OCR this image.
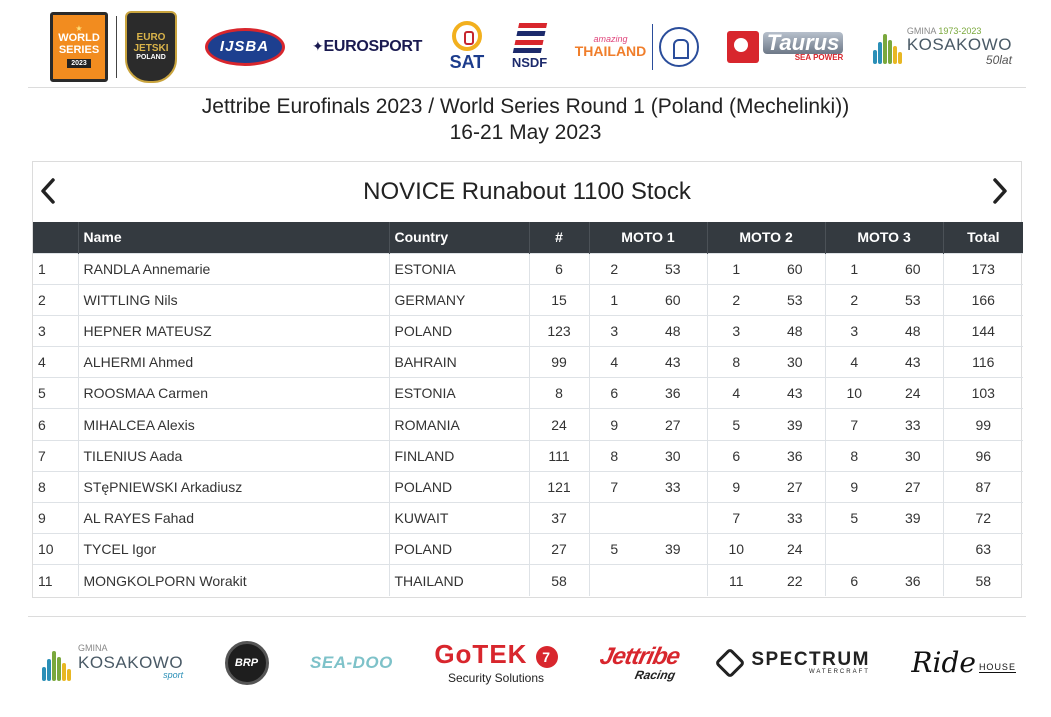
★
WORLD
SERIES
2023
EURO
JETSKI
POLAND
IJSBA	✦EUROSPORT
SAT NSDF
amazing
THAILAND	Taurus
SEA POWER
GMINA 1973-2023
KOSAKOWO
50lat
Jettribe Eurofinals 2023 / World Series Round 1 (Poland (Mechelinki))
16-21 May 2023
NOVICE Runabout 1100 Stock
	Name	Country	#	MOTO 1		MOTO 2		MOTO 3		Total
1	RANDLA Annemarie	ESTONIA	6	2	53	1	60	1	60	173
2	WITTLING Nils	GERMANY	15	1	60	2	53	2	53	166
3	HEPNER MATEUSZ	POLAND	123	3	48	3	48	3	48	144
4	ALHERMI Ahmed	BAHRAIN	99	4	43	8	30	4	43	116
5	ROOSMAA Carmen	ESTONIA	8	6	36	4	43	10	24	103
6	MIHALCEA Alexis	ROMANIA	24	9	27	5	39	7	33	99
7	TILENIUS Aada	FINLAND	111	8	30	6	36	8	30	96
8	STęPNIEWSKI Arkadiusz	POLAND	121	7	33	9	27	9	27	87
9	AL RAYES Fahad	KUWAIT	37			7	33	5	39	72
10	TYCEL Igor	POLAND	27	5	39	10	24			63
11	MONGKOLPORN Worakit	THAILAND	58			11	22	6	36	58
GMINA
KOSAKOWO
sport
BRP	SEA-DOO GoTEK 7
Security Solutions
Jettribe
Racing
SPECTRUM
WATERCRAFT Ride HOUSE
